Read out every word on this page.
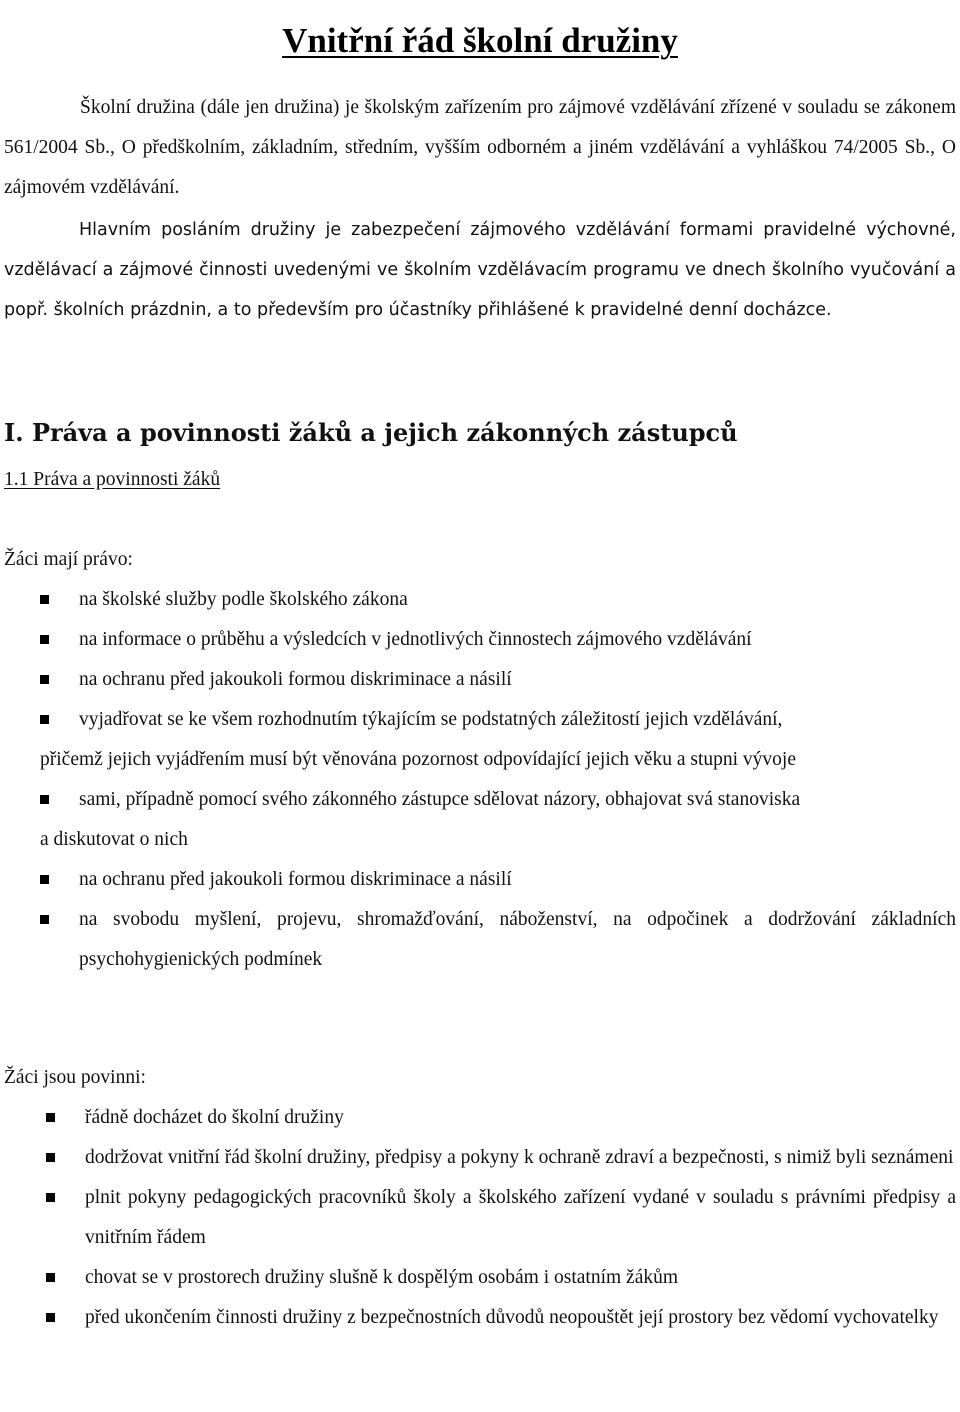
Vnitřní řád školní družiny

Školní družina (dále jen družina) je školským zařízením pro zájmové vzdělávání zřízené v souladu se zákonem 561/2004 Sb., O předškolním, základním, středním, vyšším odborném a jiném vzdělávání a vyhláškou 74/2005 Sb., O zájmovém vzdělávání.

Hlavním posláním družiny je zabezpečení zájmového vzdělávání formami pravidelné výchovné, vzdělávací a zájmové činnosti uvedenými ve školním vzdělávacím programu ve dnech školního vyučování a popř. školních prázdnin, a to především pro účastníky přihlášené k pravidelné denní docházce.

I. Práva a povinnosti žáků a jejich zákonných zástupců

1.1 Práva a povinnosti žáků

Žáci mají právo:

na školské služby podle školského zákona
na informace o průběhu a výsledcích v jednotlivých činnostech zájmového vzdělávání
na ochranu před jakoukoli formou diskriminace a násilí
vyjadřovat se ke všem rozhodnutím týkajícím se podstatných záležitostí jejich vzdělávání,
přičemž jejich vyjádřením musí být věnována pozornost odpovídající jejich věku a stupni vývoje
sami, případně pomocí svého zákonného zástupce sdělovat názory, obhajovat svá stanoviska
a diskutovat o nich
na ochranu před jakoukoli formou diskriminace a násilí
na svobodu myšlení, projevu, shromažďování, náboženství, na odpočinek a dodržování základních psychohygienických podmínek

Žáci jsou povinni:

řádně docházet do školní družiny
dodržovat vnitřní řád školní družiny, předpisy a pokyny k ochraně zdraví a bezpečnosti, s nimiž byli seznámeni
plnit pokyny pedagogických pracovníků školy a školského zařízení vydané v souladu s právními předpisy a vnitřním řádem
chovat se v prostorech družiny slušně k dospělým osobám i ostatním žákům
před ukončením činnosti družiny z bezpečnostních důvodů neopouštět její prostory bez vědomí vychovatelky
